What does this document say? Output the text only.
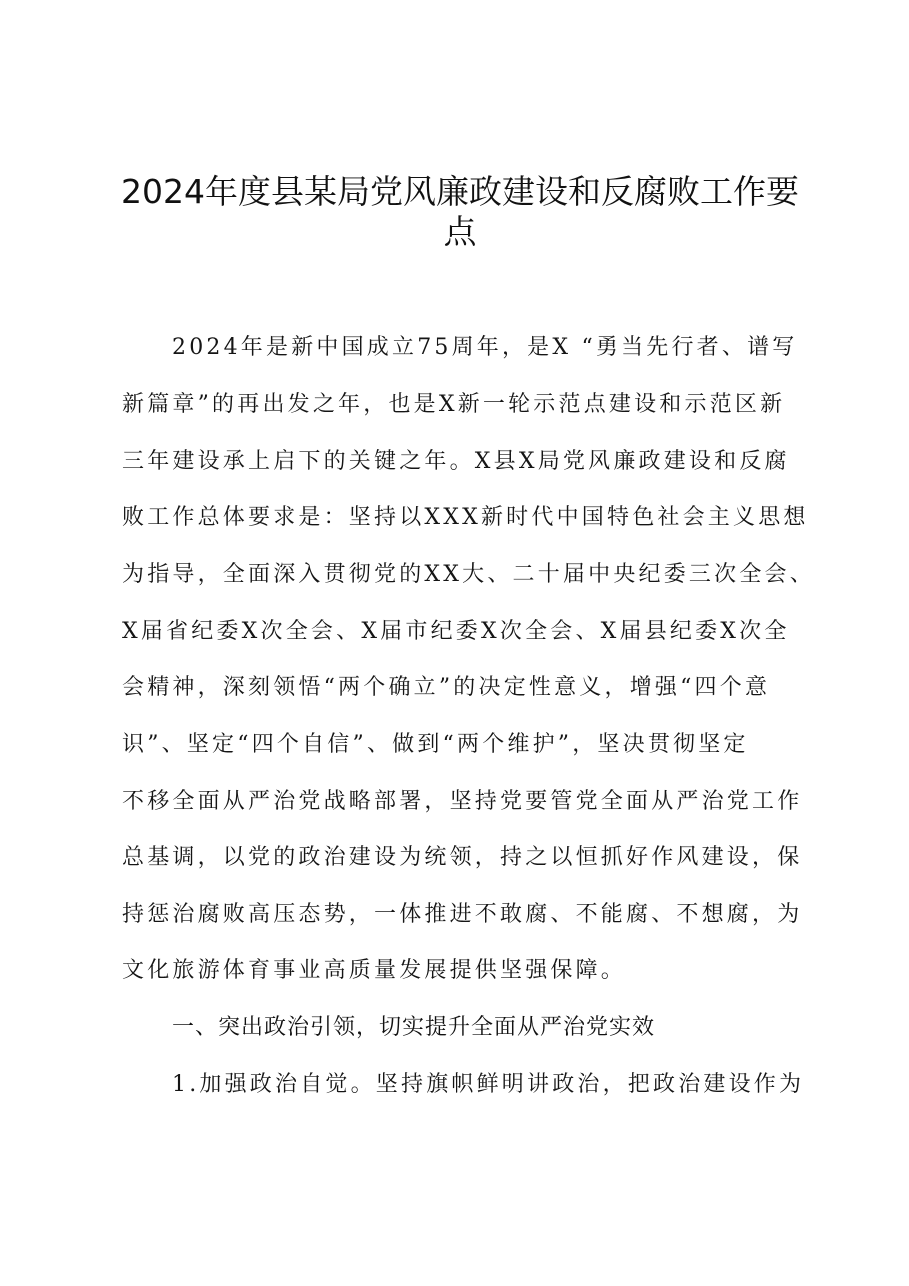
2024年度县某局党风廉政建设和反腐败工作要
点
2024年是新中国成立75周年，是X “勇当先行者、谱写
新篇章”的再出发之年，也是X新一轮示范点建设和示范区新
三年建设承上启下的关键之年。X县X局党风廉政建设和反腐
败工作总体要求是：坚持以XXX新时代中国特色社会主义思想
为指导，全面深入贯彻党的XX大、二十届中央纪委三次全会、
X届省纪委X次全会、X届市纪委X次全会、X届县纪委X次全
会精神，深刻领悟“两个确立”的决定性意义，增强“四个意
识”、坚定“四个自信”、做到“两个维护”，坚决贯彻坚定
不移全面从严治党战略部署，坚持党要管党全面从严治党工作
总基调，以党的政治建设为统领，持之以恒抓好作风建设，保
持惩治腐败高压态势，一体推进不敢腐、不能腐、不想腐，为
文化旅游体育事业高质量发展提供坚强保障。
一、突出政治引领，切实提升全面从严治党实效
1.加强政治自觉。坚持旗帜鲜明讲政治，把政治建设作为
